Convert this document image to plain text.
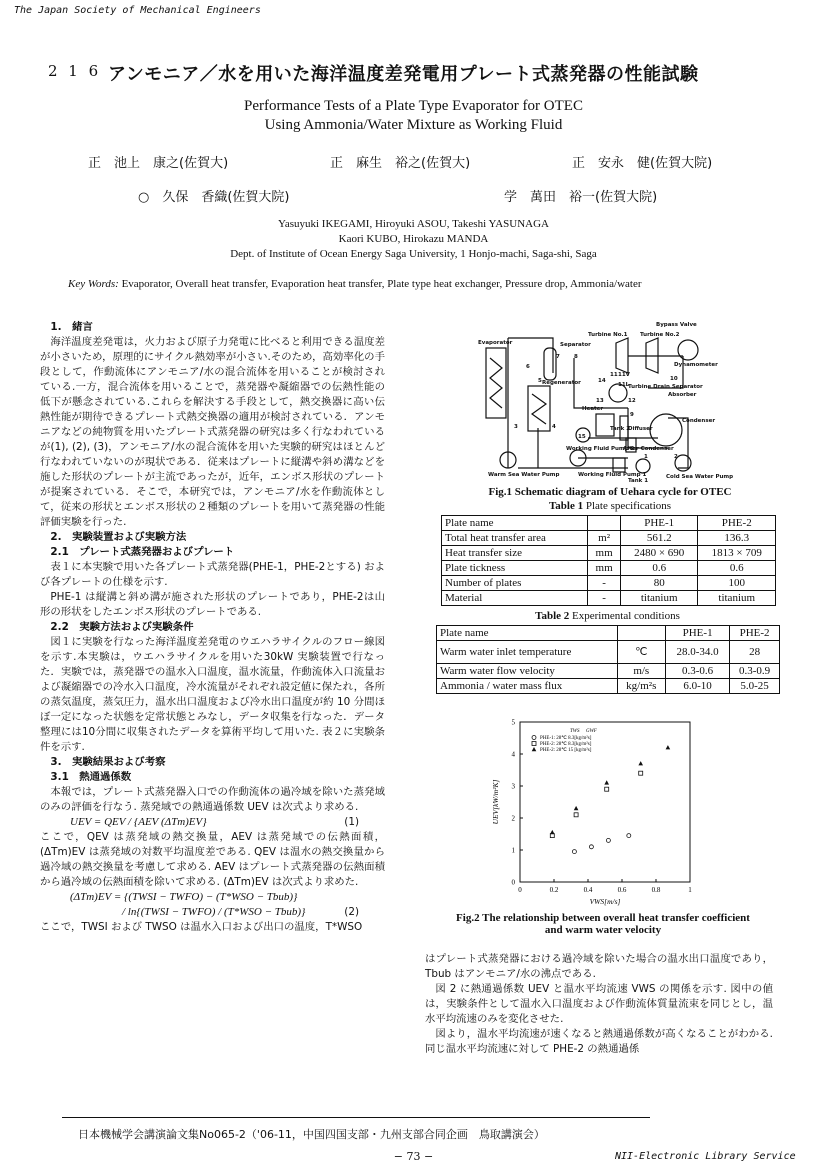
The Japan Society of Mechanical Engineers
2 1 6 アンモニア／水を用いた海洋温度差発電用プレート式蒸発器の性能試験
Performance Tests of a Plate Type Evaporator for OTEC
Using Ammonia/Water Mixture as Working Fluid
正　池上　康之(佐賀大)	正　麻生　裕之(佐賀大)	正　安永　健(佐賀大院)
○　久保　香織(佐賀大院)	学　萬田　裕一(佐賀大院)
Yasuyuki IKEGAMI, Hiroyuki ASOU, Takeshi YASUNAGA
Kaori KUBO, Hirokazu MANDA
Dept. of Institute of Ocean Energy Saga University, 1 Honjo-machi, Saga-shi, Saga
Key Words: Evaporator, Overall heat transfer, Evaporation heat transfer, Plate type heat exchanger, Pressure drop, Ammonia/water

1.　緒言

海洋温度差発電は，火力および原子力発電に比べると利用できる温度差が小さいため，原理的にサイクル熱効率が小さい.そのため，高効率化の手段として，作動流体にアンモニア/水の混合流体を用いることが検討されている.一方，混合流体を用いることで，蒸発器や凝縮器での伝熱性能の低下が懸念されている.これらを解決する手段として，熱交換器に高い伝熱性能が期待できるプレート式熱交換器の適用が検討されている．アンモニアなどの純物質を用いたプレート式蒸発器の研究は多く行なわれているが(1), (2), (3)，アンモニア/水の混合流体を用いた実験的研究はほとんど行なわれていないのが現状である．従来はプレートに縦溝や斜め溝などを施した形状のプレートが主流であったが，近年，エンボス形状のプレートが提案されている．そこで，本研究では，アンモニア/水を作動流体として，従来の形状とエンボス形状の２種類のプレートを用いて蒸発器の性能評価実験を行った.

2.　実験装置および実験方法

2.1　プレート式蒸発器およびプレート

表１に本実験で用いた各プレート式蒸発器(PHE-1，PHE-2とする) および各プレートの仕様を示す.

PHE-1 は縦溝と斜め溝が施された形状のプレートであり，PHE-2は山形の形状をしたエンボス形状のプレートである.

2.2　実験方法および実験条件

図１に実験を行なった海洋温度差発電のウエハラサイクルのフロー線図を示す.本実験は，ウエハラサイクルを用いた30kW 実験装置で行なった．実験では，蒸発器での温水入口温度，温水流量，作動流体入口流量および凝縮器での冷水入口温度，冷水流量がそれぞれ設定値に保たれ，各所の蒸気温度，蒸気圧力，温水出口温度および冷水出口温度が約 10 分間ほぼ一定になった状態を定常状態とみなし，データ収集を行なった．データ整理には10分間に収集されたデータを算術平均して用いた. 表２に実験条件を示す.

3.　実験結果および考察

3.1　熱通過係数

本報では，プレート式蒸発器入口での作動流体の過冷域を除いた蒸発域のみの評価を行なう. 蒸発域での熱通過係数 UEV は次式より求める.

UEV = QEV / {AEV (ΔTm)EV}	(1)

ここで，QEV は蒸発域の熱交換量，AEV は蒸発域での伝熱面積，(ΔTm)EV は蒸発域の対数平均温度差である. QEV は温水の熱交換量から過冷域の熱交換量を考慮して求める. AEV はプレート式蒸発器の伝熱面積から過冷域の伝熱面積を除いて求める. (ΔTm)EV は次式より求めた.

(ΔTm)EV = {(TWSI − TWFO) − (T*WSO − Tbub)}
/ ln{(TWSI − TWFO) / (T*WSO − Tbub)}	(2)

ここで，TWSI および TWSO は温水入口および出口の温度，T*WSO

Evaporator
Bypass Valve
Turbine No.1 Turbine No.2
Separator
Dynamometer
Regenerator
Turbine Drain Separator
Absorber
Heater
Tank 2
Diffuser
Condenser
After Condenser
Working Fluid Pump 2
Working Fluid Pump 1
Warm Sea Water Pump
Tank 1
Cold Sea Water Pump
7	8
14
11V
11L
11
10
9
12
13
15
3	4
5
6
1	2
Fig.1 Schematic diagram of Uehara cycle for OTEC
Table 1 Plate specifications
Plate name		PHE-1	PHE-2
Total heat transfer area	m²	561.2	136.3
Heat transfer size	mm	2480 × 690	1813 × 709
Plate tickness	mm	0.6	0.6
Number of plates	-	80	100
Material	-	titanium	titanium
Table 2 Experimental conditions
Plate name		PHE-1	PHE-2
Warm water inlet temperature	℃	28.0-34.0	28
Warm water flow velocity	m/s	0.3-0.6	0.3-0.9
Ammonia / water mass flux	kg/m²s	6.0-10	5.0-25
0	0.2	0.4	0.6	0.8	1
0
1
2
3
4
5
VWS[m/s]
UEV[kW/m²K]
TWS GWF
PHE-1: 28℃ 8.3[kg/m²s]
PHE-2: 28℃ 8.3[kg/m²s]
PHE-2: 28℃ 15 [kg/m²s]
Fig.2 The relationship between overall heat transfer coefficient
and warm water velocity

はプレート式蒸発器における過冷域を除いた場合の温水出口温度であり，Tbub はアンモニア/水の沸点である.

図 2 に熱通過係数 UEV と温水平均流速 VWS の関係を示す. 図中の値は，実験条件として温水入口温度および作動流体質量流束を同じとし，温水平均流速のみを変化させた.

図より，温水平均流速が速くなると熱通過係数が高くなることがわかる. 同じ温水平均流速に対して PHE-2 の熱通過係

日本機械学会講演論文集No065-2（'06-11，中国四国支部・九州支部合同企画　鳥取講演会）
− 73 −	NII-Electronic Library Service
